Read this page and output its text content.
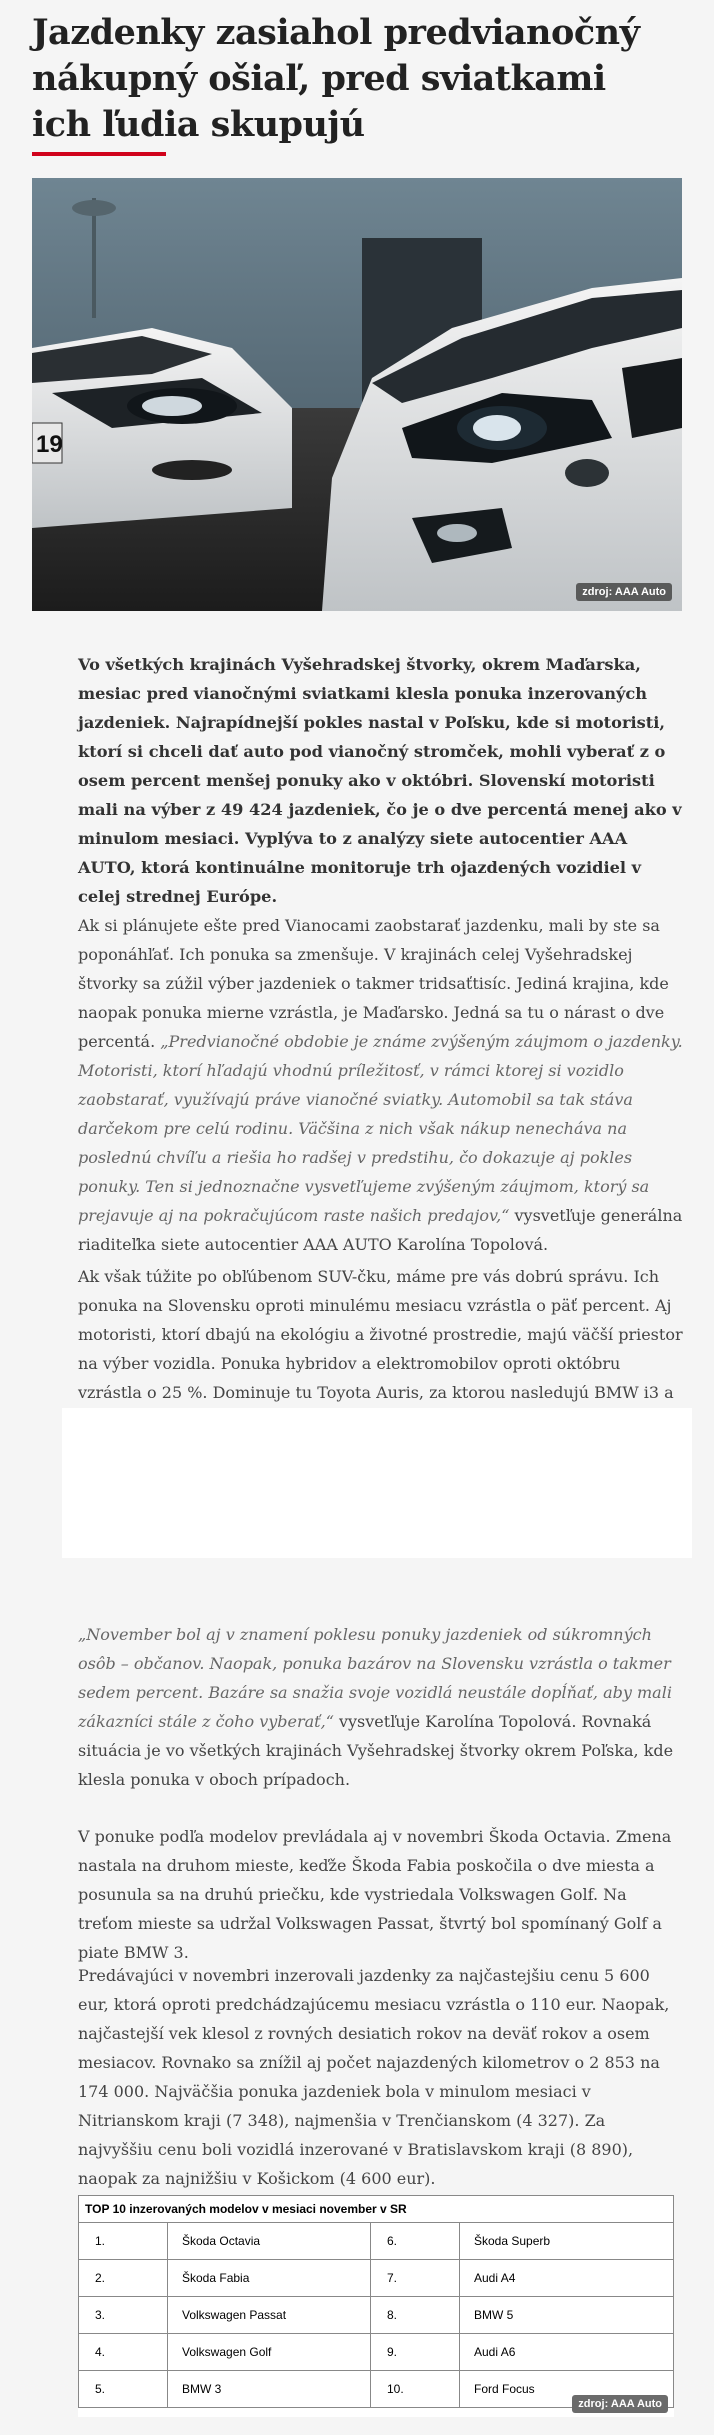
Jazdenky zasiahol predvianočný nákupný ošiaľ, pred sviatkami ich ľudia skupujú
19
zdroj: AAA Auto

Vo všetkých krajinách Vyšehradskej štvorky, okrem Maďarska, mesiac pred vianočnými sviatkami klesla ponuka inzerovaných jazdeniek. Najrapídnejší pokles nastal v Poľsku, kde si motoristi, ktorí si chceli dať auto pod vianočný stromček, mohli vyberať z o osem percent menšej ponuky ako v októbri. Slovenskí motoristi mali na výber z 49 424 jazdeniek, čo je o dve percentá menej ako v minulom mesiaci. Vyplýva to z analýzy siete autocentier AAA AUTO, ktorá kontinuálne monitoruje trh ojazdených vozidiel v celej strednej Európe.

Ak si plánujete ešte pred Vianocami zaobstarať jazdenku, mali by ste sa poponáhľať. Ich ponuka sa zmenšuje. V krajinách celej Vyšehradskej štvorky sa zúžil výber jazdeniek o takmer tridsaťtisíc. Jediná krajina, kde naopak ponuka mierne vzrástla, je Maďarsko. Jedná sa tu o nárast o dve percentá. „Predvianočné obdobie je známe zvýšeným záujmom o jazdenky. Motoristi, ktorí hľadajú vhodnú príležitosť, v rámci ktorej si vozidlo zaobstarať, využívajú práve vianočné sviatky. Automobil sa tak stáva darčekom pre celú rodinu. Väčšina z nich však nákup nenecháva na poslednú chvíľu a riešia ho radšej v predstihu, čo dokazuje aj pokles ponuky. Ten si jednoznačne vysvetľujeme zvýšeným záujmom, ktorý sa prejavuje aj na pokračujúcom raste našich predajov,“ vysvetľuje generálna riaditeľka siete autocentier AAA AUTO Karolína Topolová.

Ak však túžite po obľúbenom SUV-čku, máme pre vás dobrú správu. Ich ponuka na Slovensku oproti minulému mesiacu vzrástla o päť percent. Aj motoristi, ktorí dbajú na ekológiu a životné prostredie, majú väčší priestor na výber vozidla. Ponuka hybridov a elektromobilov oproti októbru vzrástla o 25 %. Dominuje tu Toyota Auris, za ktorou nasledujú BMW i3 a

„November bol aj v znamení poklesu ponuky jazdeniek od súkromných osôb – občanov. Naopak, ponuka bazárov na Slovensku vzrástla o takmer sedem percent. Bazáre sa snažia svoje vozidlá neustále dopĺňať, aby mali zákazníci stále z čoho vyberať,“ vysvetľuje Karolína Topolová. Rovnaká situácia je vo všetkých krajinách Vyšehradskej štvorky okrem Poľska, kde klesla ponuka v oboch prípadoch.

V ponuke podľa modelov prevládala aj v novembri Škoda Octavia. Zmena nastala na druhom mieste, keďže Škoda Fabia poskočila o dve miesta a posunula sa na druhú priečku, kde vystriedala Volkswagen Golf. Na treťom mieste sa udržal Volkswagen Passat, štvrtý bol spomínaný Golf a piate BMW 3.

Predávajúci v novembri inzerovali jazdenky za najčastejšiu cenu 5 600 eur, ktorá oproti predchádzajúcemu mesiacu vzrástla o 110 eur. Naopak, najčastejší vek klesol z rovných desiatich rokov na deväť rokov a osem mesiacov. Rovnako sa znížil aj počet najazdených kilometrov o 2 853 na 174 000. Najväčšia ponuka jazdeniek bola v minulom mesiaci v Nitrianskom kraji (7 348), najmenšia v Trenčianskom (4 327). Za najvyššiu cenu boli vozidlá inzerované v Bratislavskom kraji (8 890), naopak za najnižšiu v Košickom (4 600 eur).

TOP 10 inzerovaných modelov v mesiaci november v SR			
1.	Škoda Octavia	6.	Škoda Superb
2.	Škoda Fabia	7.	Audi A4
3.	Volkswagen Passat	8.	BMW 5
4.	Volkswagen Golf	9.	Audi A6
5.	BMW 3	10.	Ford Focus
zdroj: AAA Auto
